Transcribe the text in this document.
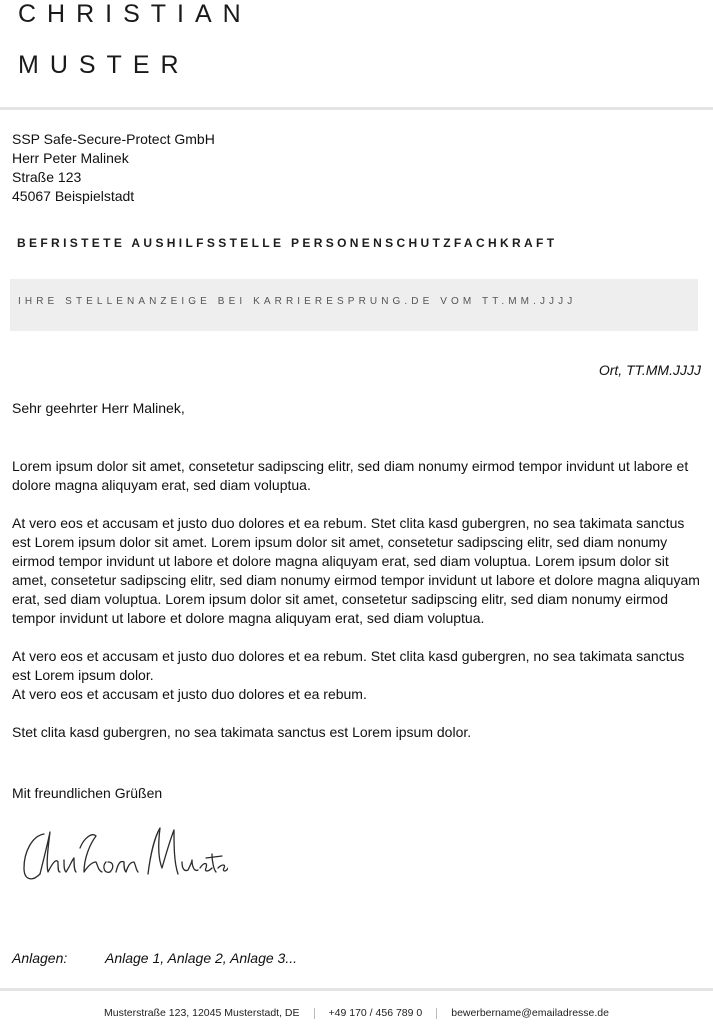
CHRISTIAN
MUSTER
SSP Safe-Secure-Protect GmbH
Herr Peter Malinek
Straße 123
45067 Beispielstadt
BEFRISTETE AUSHILFSSTELLE PERSONENSCHUTZFACHKRAFT
IHRE STELLENANZEIGE BEI KARRIERESPRUNG.DE VOM TT.MM.JJJJ
Ort, TT.MM.JJJJ
Sehr geehrter Herr Malinek,

Lorem ipsum dolor sit amet, consetetur sadipscing elitr, sed diam nonumy eirmod tempor invidunt ut labore et dolore magna aliquyam erat, sed diam voluptua.

At vero eos et accusam et justo duo dolores et ea rebum. Stet clita kasd gubergren, no sea takimata sanctus est Lorem ipsum dolor sit amet. Lorem ipsum dolor sit amet, consetetur sadipscing elitr, sed diam nonumy eirmod tempor invidunt ut labore et dolore magna aliquyam erat, sed diam voluptua. Lorem ipsum dolor sit amet, consetetur sadipscing elitr, sed diam nonumy eirmod tempor invidunt ut labore et dolore magna aliquyam erat, sed diam voluptua. Lorem ipsum dolor sit amet, consetetur sadipscing elitr, sed diam nonumy eirmod tempor invidunt ut labore et dolore magna aliquyam erat, sed diam voluptua.

At vero eos et accusam et justo duo dolores et ea rebum. Stet clita kasd gubergren, no sea takimata sanctus est Lorem ipsum dolor.
At vero eos et accusam et justo duo dolores et ea rebum.

Stet clita kasd gubergren, no sea takimata sanctus est Lorem ipsum dolor.

Mit freundlichen Grüßen
Christian Muster
Anlagen:	Anlage 1, Anlage 2, Anlage 3...
Musterstraße 123, 12045 Musterstadt, DE	+49 170 / 456 789 0	bewerbername@emailadresse.de
